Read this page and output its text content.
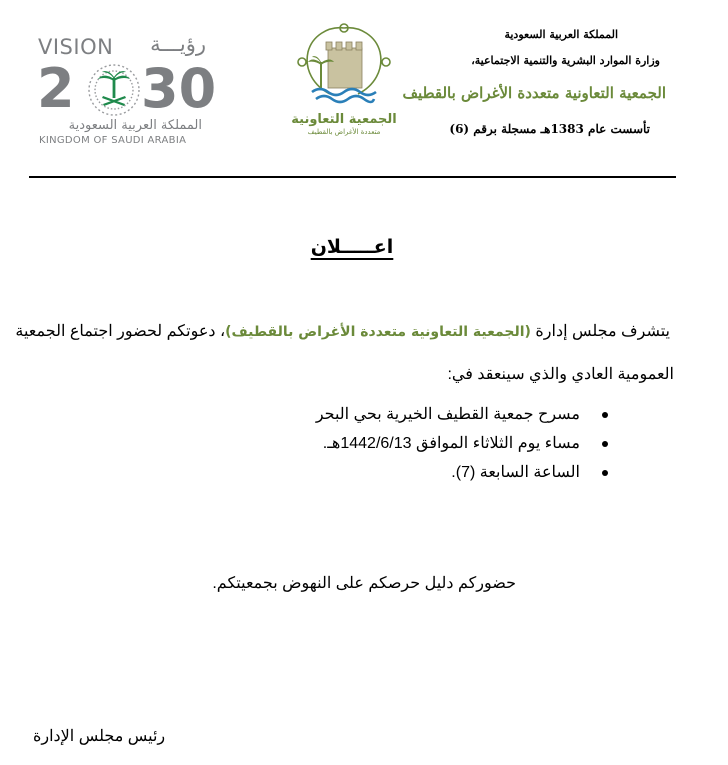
VISION رؤيـــة
2 30
المملكة العربية السعودية
KINGDOM OF SAUDI ARABIA
الجمعية التعاونية
متعددة الأغراض بالقطيف
المملكة العربية السعودية
وزارة الموارد البشرية والتنمية الاجتماعية،
الجمعية التعاونية متعددة الأغراض بالقطيف
تأسست عام 1383هـ مسجلة برقم (6)
اعـــــلان
يتشرف مجلس إدارة (الجمعية التعاونية متعددة الأغراض بالقطيف)، دعوتكم لحضور اجتماع الجمعية
العمومية العادي والذي سينعقد في:
مسرح جمعية القطيف الخيرية بحي البحر
مساء يوم الثلاثاء الموافق 1442/6/13هـ.
الساعة السابعة (7).
حضوركم دليل حرصكم على النهوض بجمعيتكم.
رئيس مجلس الإدارة
